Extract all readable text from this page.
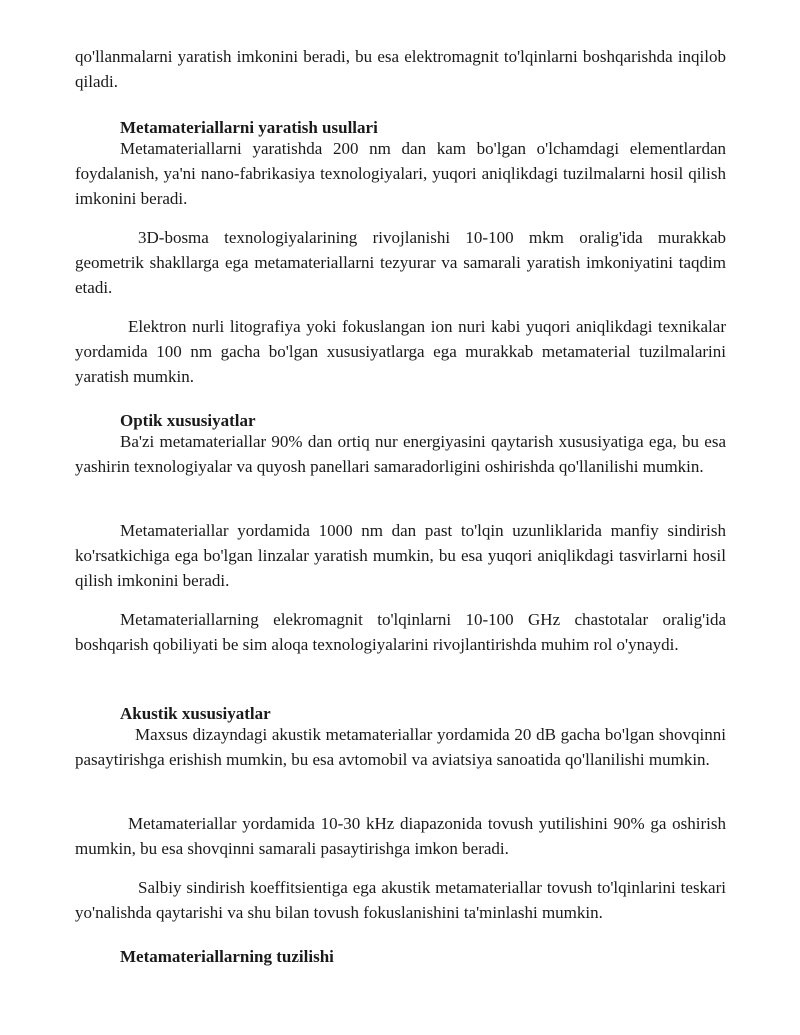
qo'llanmalarni yaratish imkonini beradi, bu esa elektromagnit to'lqinlarni boshqarishda inqilob qiladi.

Metamateriallarni yaratish usullari

Metamateriallarni yaratishda 200 nm dan kam bo'lgan o'lchamdagi elementlardan foydalanish, ya'ni nano-fabrikasiya texnologiyalari, yuqori aniqlikdagi tuzilmalarni hosil qilish imkonini beradi.

3D-bosma texnologiyalarining rivojlanishi 10-100 mkm oralig'ida murakkab geometrik shakllarga ega metamateriallarni tezyurar va samarali yaratish imkoniyatini taqdim etadi.

Elektron nurli litografiya yoki fokuslangan ion nuri kabi yuqori aniqlikdagi texnikalar yordamida 100 nm gacha bo'lgan xususiyatlarga ega murakkab metamaterial tuzilmalarini yaratish mumkin.

Optik xususiyatlar

Ba'zi metamateriallar 90% dan ortiq nur energiyasini qaytarish xususiyatiga ega, bu esa yashirin texnologiyalar va quyosh panellari samaradorligini oshirishda qo'llanilishi mumkin.

Metamateriallar yordamida 1000 nm dan past to'lqin uzunliklarida manfiy sindirish ko'rsatkichiga ega bo'lgan linzalar yaratish mumkin, bu esa yuqori aniqlikdagi tasvirlarni hosil qilish imkonini beradi.

Metamateriallarning elekromagnit to'lqinlarni 10-100 GHz chastotalar oralig'ida boshqarish qobiliyati be sim aloqa texnologiyalarini rivojlantirishda muhim rol o'ynaydi.

Akustik xususiyatlar

Maxsus dizayndagi akustik metamateriallar yordamida 20 dB gacha bo'lgan shovqinni pasaytirishga erishish mumkin, bu esa avtomobil va aviatsiya sanoatida qo'llanilishi mumkin.

Metamateriallar yordamida 10-30 kHz diapazonida tovush yutilishini 90% ga oshirish mumkin, bu esa shovqinni samarali pasaytirishga imkon beradi.

Salbiy sindirish koeffitsientiga ega akustik metamateriallar tovush to'lqinlarini teskari yo'nalishda qaytarishi va shu bilan tovush fokuslanishini ta'minlashi mumkin.

Metamateriallarning tuzilishi
